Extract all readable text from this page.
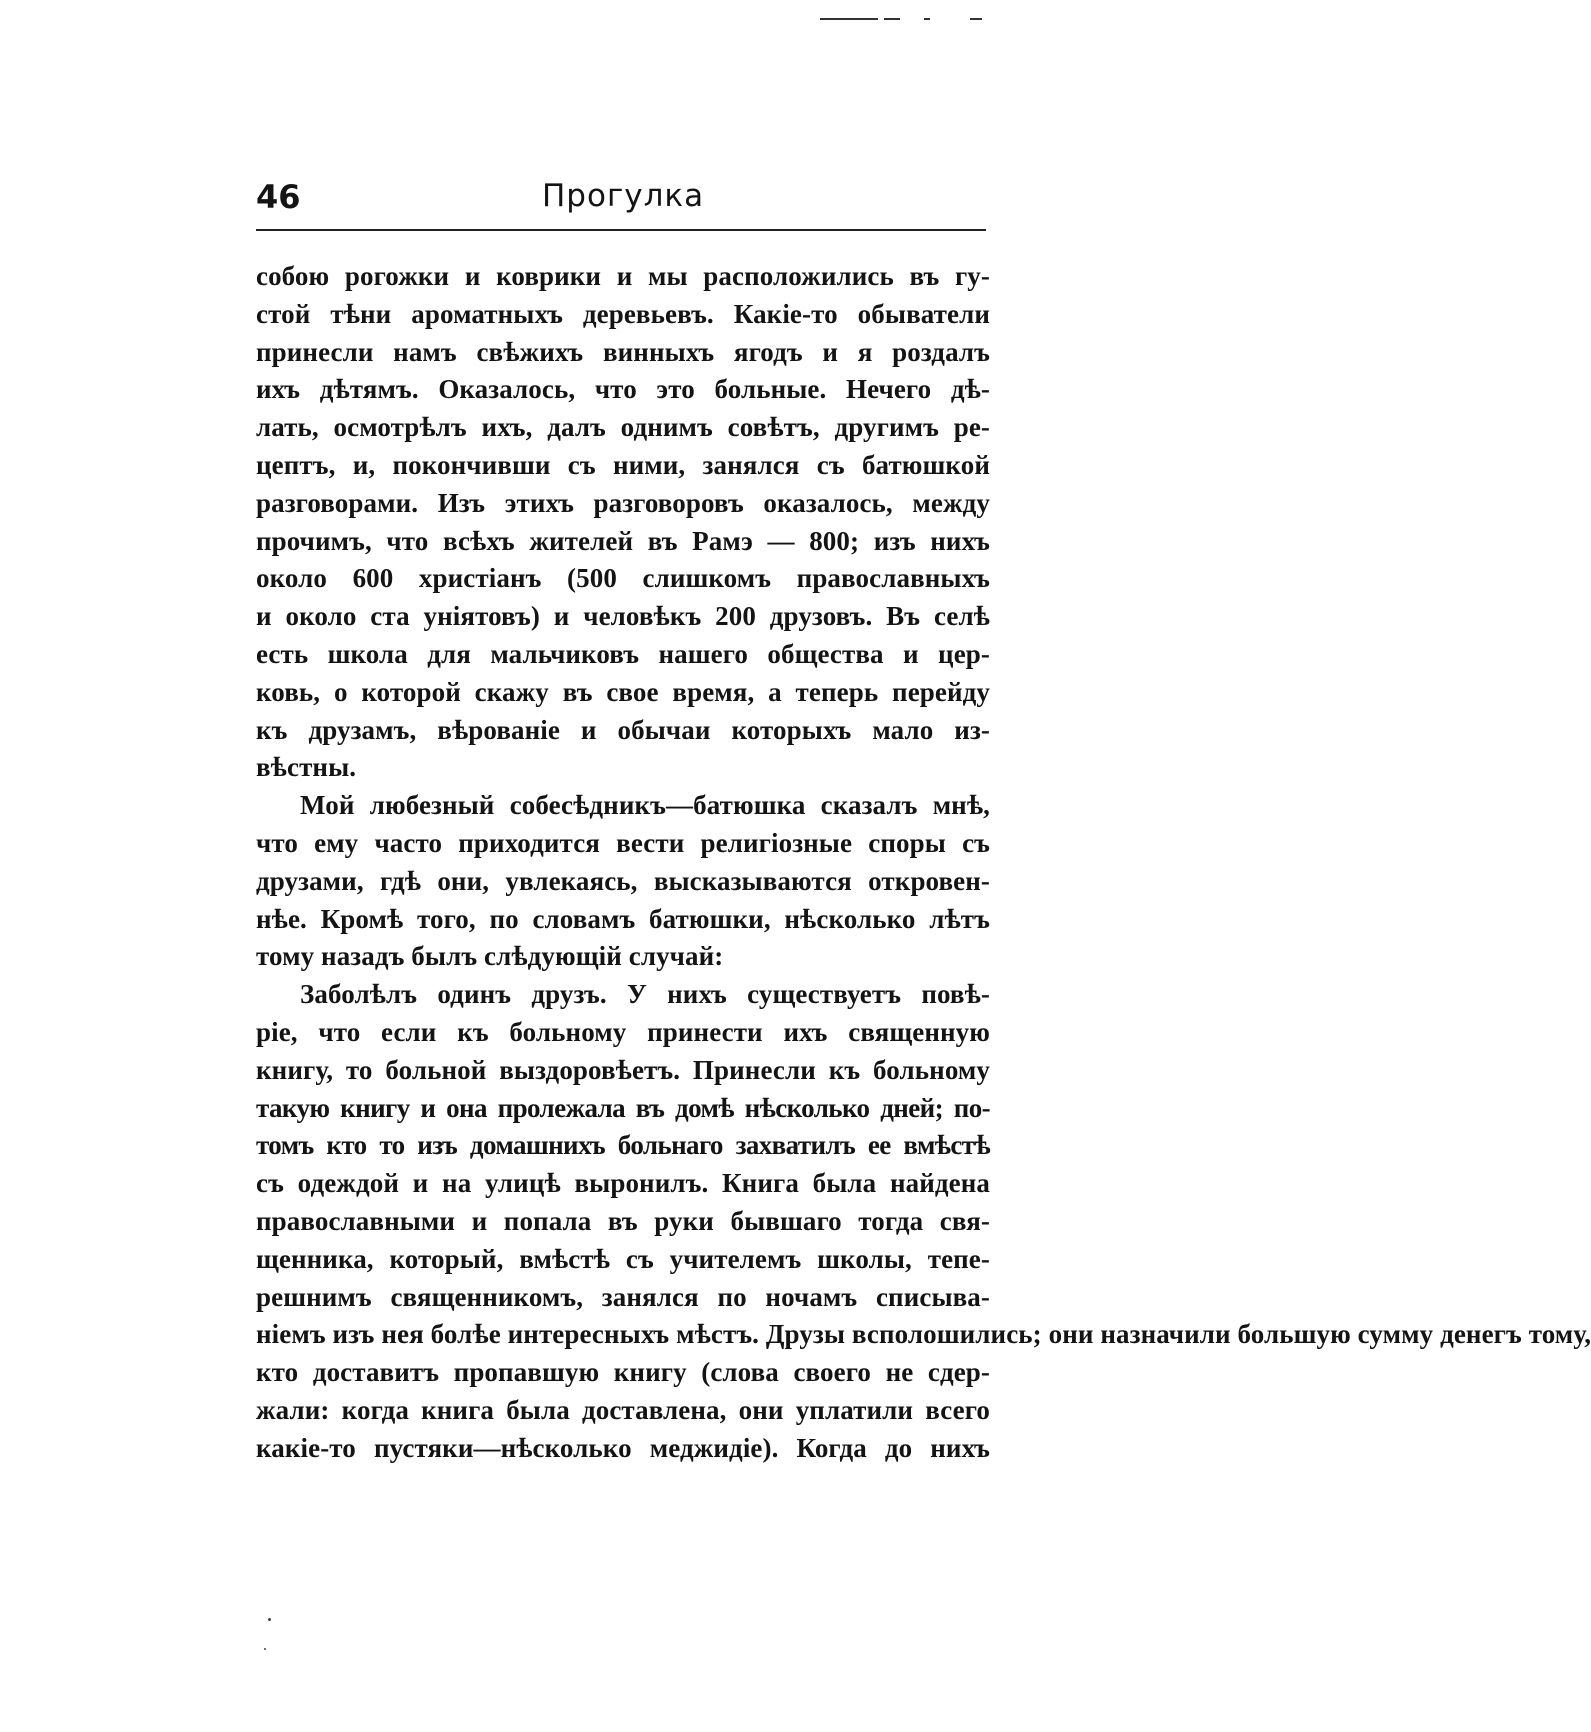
46	Прогулка
собою рогожки и коврики и мы расположились въ гу-
стой тѣни ароматныхъ деревьевъ. Какіе-то обыватели
принесли намъ свѣжихъ винныхъ ягодъ и я роздалъ
ихъ дѣтямъ. Оказалось, что это больные. Нечего дѣ-
лать, осмотрѣлъ ихъ, далъ однимъ совѣтъ, другимъ ре-
цептъ, и, покончивши съ ними, занялся съ батюшкой
разговорами. Изъ этихъ разговоровъ оказалось, между
прочимъ, что всѣхъ жителей въ Рамэ — 800; изъ нихъ
около 600 христіанъ (500 слишкомъ православныхъ
и около ста уніятовъ) и человѣкъ 200 друзовъ. Въ селѣ
есть школа для мальчиковъ нашего общества и цер-
ковь, о которой скажу въ свое время, а теперь перейду
къ друзамъ, вѣрованіе и обычаи которыхъ мало из-
вѣстны.
Мой любезный собесѣдникъ—батюшка сказалъ мнѣ,
что ему часто приходится вести религіозные споры съ
друзами, гдѣ они, увлекаясь, высказываются откровен-
нѣе. Кромѣ того, по словамъ батюшки, нѣсколько лѣтъ
тому назадъ былъ слѣдующій случай:
Заболѣлъ одинъ друзъ. У нихъ существуетъ повѣ-
ріе, что если къ больному принести ихъ священную
книгу, то больной выздоровѣетъ. Принесли къ больному
такую книгу и она пролежала въ домѣ нѣсколько дней; по-
томъ кто то изъ домашнихъ больнаго захватилъ ее вмѣстѣ
съ одеждой и на улицѣ выронилъ. Книга была найдена
православными и попала въ руки бывшаго тогда свя-
щенника, который, вмѣстѣ съ учителемъ школы, тепе-
решнимъ священникомъ, занялся по ночамъ списыва-
ніемъ изъ нея болѣе интересныхъ мѣстъ. Друзы всполошились; они назначили большую сумму денегъ тому,
кто доставитъ пропавшую книгу (слова своего не сдер-
жали: когда книга была доставлена, они уплатили всего
какіе-то пустяки—нѣсколько меджидіе). Когда до нихъ
